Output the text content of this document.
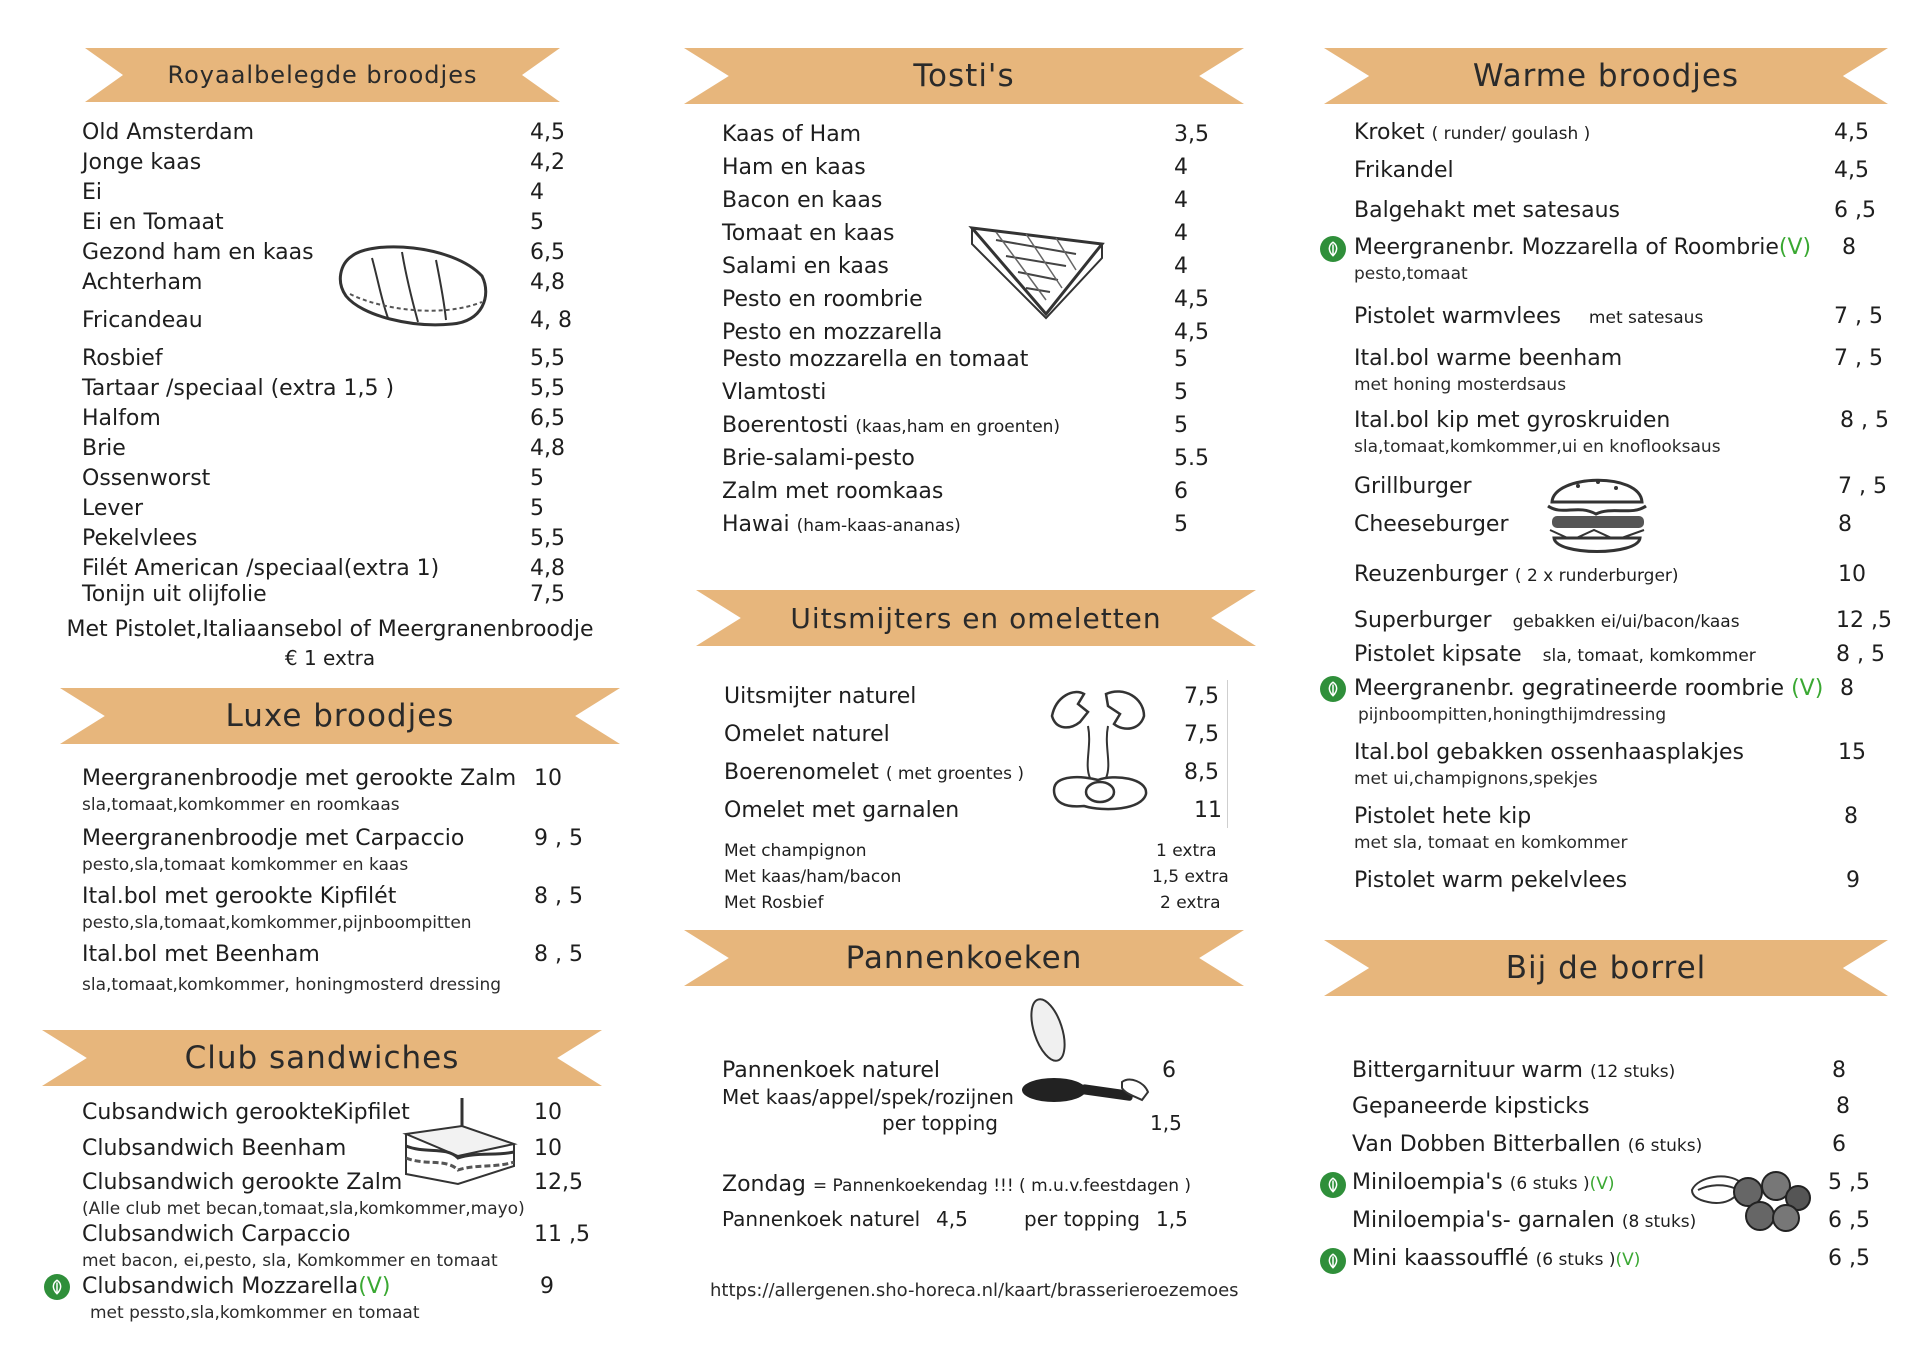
Royaalbelegde broodjes
Old Amsterdam	4,5
Jonge kaas	4,2
Ei	4
Ei en Tomaat	5
Gezond ham en kaas	6,5
Achterham	4,8
Fricandeau	4, 8
Rosbief	5,5
Tartaar /speciaal (extra 1,5 )	5,5
Halfom	6,5
Brie	4,8
Ossenworst	5
Lever	5
Pekelvlees	5,5
Filét American /speciaal(extra 1)	4,8
Tonijn uit olijfolie	7,5
Met Pistolet,Italiaansebol of Meergranenbroodje
€ 1 extra
Luxe broodjes
Meergranenbroodje met gerookte Zalm 10
sla,tomaat,komkommer en roomkaas
Meergranenbroodje met Carpaccio	9 , 5
pesto,sla,tomaat komkommer en kaas
Ital.bol met gerookte Kipfilét	8 , 5
pesto,sla,tomaat,komkommer,pijnboompitten
Ital.bol met Beenham	8 , 5
sla,tomaat,komkommer, honingmosterd dressing
Club sandwiches
Cubsandwich gerookteKipfilet	10
Clubsandwich Beenham	10
Clubsandwich gerookte Zalm	12,5
(Alle club met becan,tomaat,sla,komkommer,mayo)
Clubsandwich Carpaccio	11 ,5
met bacon, ei,pesto, sla, Komkommer en tomaat
Clubsandwich Mozzarella(V)	9
met pessto,sla,komkommer en tomaat
Tosti's
Kaas of Ham	3,5
Ham en kaas	4
Bacon en kaas	4
Tomaat en kaas	4
Salami en kaas	4
Pesto en roombrie	4,5
Pesto en mozzarella	4,5
Pesto mozzarella en tomaat	5
Vlamtosti	5
Boerentosti (kaas,ham en groenten)	5
Brie-salami-pesto	5.5
Zalm met roomkaas	6
Hawai (ham-kaas-ananas)	5
Uitsmijters en omeletten
Uitsmijter naturel	7,5
Omelet naturel	7,5
Boerenomelet ( met groentes )	8,5
Omelet met garnalen	11
Met champignon	1 extra
Met kaas/ham/bacon	1,5 extra
Met Rosbief	2 extra
Pannenkoeken
Pannenkoek naturel	6
Met kaas/appel/spek/rozijnen
per topping	1,5
Zondag = Pannenkoekendag !!! ( m.u.v.feestdagen )
Pannenkoek naturel 4,5	per topping 1,5
https://allergenen.sho-horeca.nl/kaart/brasserieroezemoes
Warme broodjes
Kroket ( runder/ goulash )	4,5
Frikandel	4,5
Balgehakt met satesaus	6 ,5
Meergranenbr. Mozzarella of Roombrie(V) 8
pesto,tomaat
Pistolet warmvlees met satesaus	7 , 5
Ital.bol warme beenham	7 , 5
met honing mosterdsaus
Ital.bol kip met gyroskruiden	8 , 5
sla,tomaat,komkommer,ui en knoflooksaus
Grillburger	7 , 5
Cheeseburger	8
Reuzenburger ( 2 x runderburger)	10
Superburger gebakken ei/ui/bacon/kaas	12 ,5
Pistolet kipsate sla, tomaat, komkommer	8 , 5
Meergranenbr. gegratineerde roombrie (V) 8
pijnboompitten,honingthijmdressing
Ital.bol gebakken ossenhaasplakjes	15
met ui,champignons,spekjes
Pistolet hete kip	8
met sla, tomaat en komkommer
Pistolet warm pekelvlees	9
Bij de borrel
Bittergarnituur warm (12 stuks)	8
Gepaneerde kipsticks	8
Van Dobben Bitterballen (6 stuks)	6
Miniloempia's (6 stuks )(V)	5 ,5
Miniloempia's- garnalen (8 stuks)	6 ,5
Mini kaassoufflé (6 stuks )(V)	6 ,5
